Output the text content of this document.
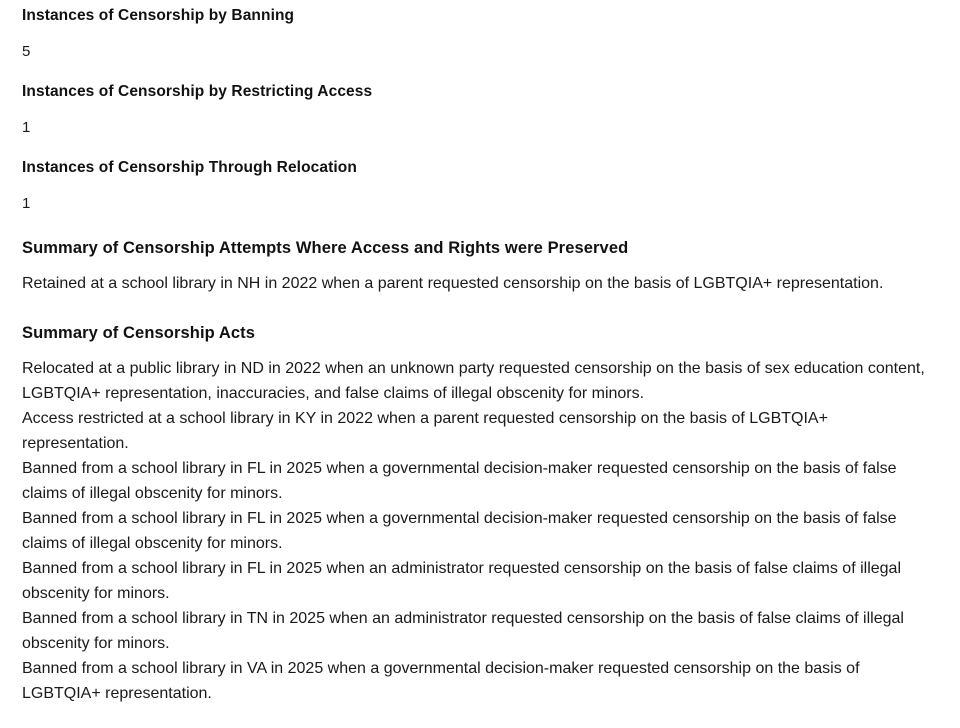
Instances of Censorship by Banning
5
Instances of Censorship by Restricting Access
1
Instances of Censorship Through Relocation
1
Summary of Censorship Attempts Where Access and Rights were Preserved

Retained at a school library in NH in 2022 when a parent requested censorship on the basis of LGBTQIA+ representation.

Summary of Censorship Acts

Relocated at a public library in ND in 2022 when an unknown party requested censorship on the basis of sex education content, LGBTQIA+ representation, inaccuracies, and false claims of illegal obscenity for minors.

Access restricted at a school library in KY in 2022 when a parent requested censorship on the basis of LGBTQIA+ representation.

Banned from a school library in FL in 2025 when a governmental decision-maker requested censorship on the basis of false claims of illegal obscenity for minors.

Banned from a school library in FL in 2025 when a governmental decision-maker requested censorship on the basis of false claims of illegal obscenity for minors.

Banned from a school library in FL in 2025 when an administrator requested censorship on the basis of false claims of illegal obscenity for minors.

Banned from a school library in TN in 2025 when an administrator requested censorship on the basis of false claims of illegal obscenity for minors.

Banned from a school library in VA in 2025 when a governmental decision-maker requested censorship on the basis of LGBTQIA+ representation.
